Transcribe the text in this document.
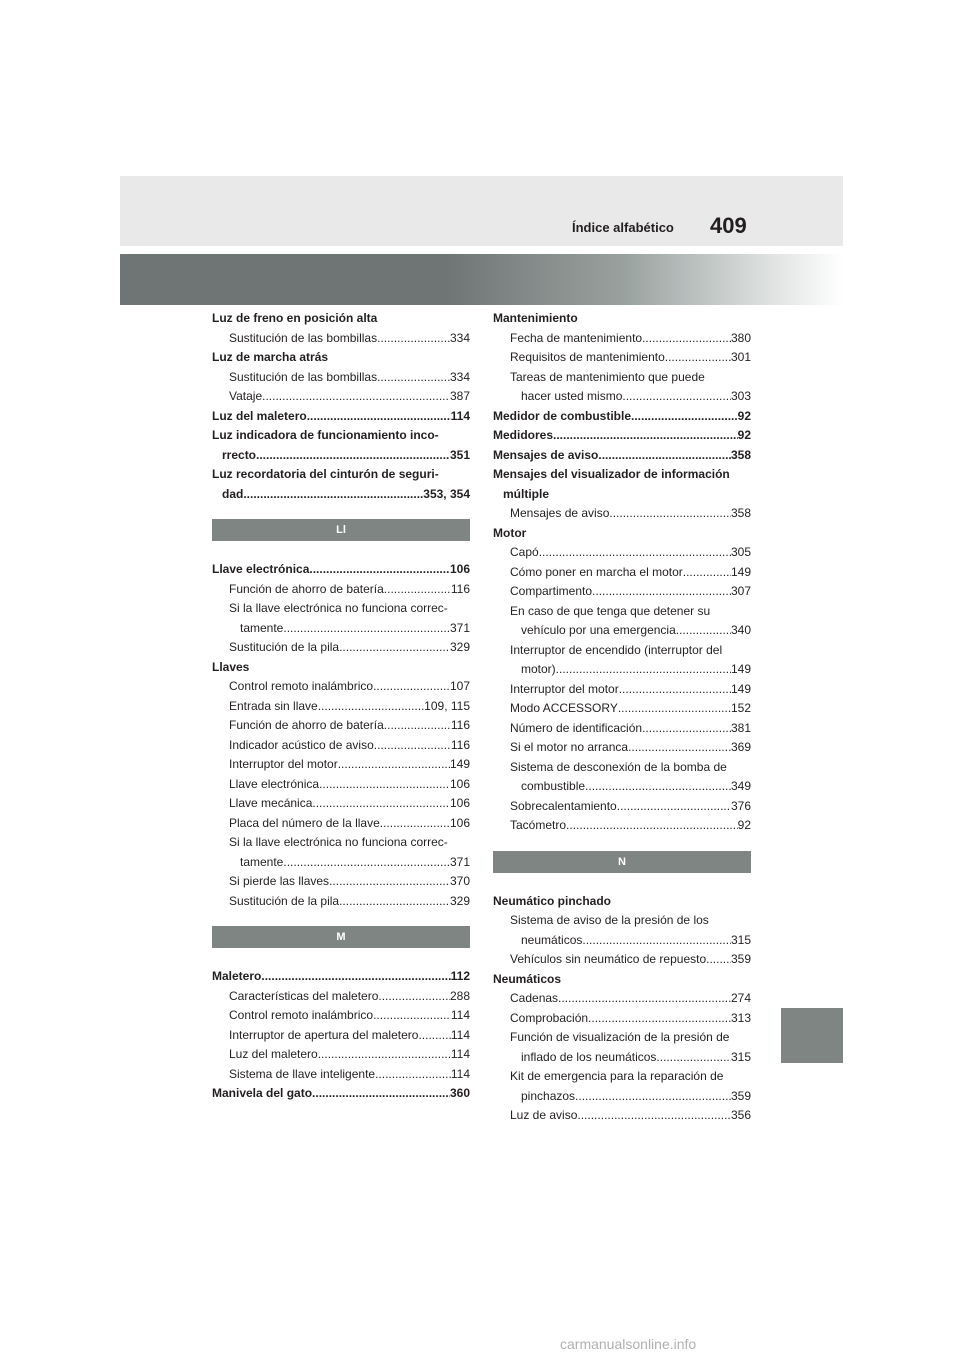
Índice alfabético 409
Luz de freno en posición alta
Sustitución de las bombillas .....	334
Luz de marcha atrás
Sustitución de las bombillas .....	334
Vataje .....	387
Luz del maletero .....	114
Luz indicadora de funcionamiento inco-
rrecto .....	351
Luz recordatoria del cinturón de seguri-
dad .....	353, 354
Ll
Llave electrónica .....	106
Función de ahorro de batería .....	116
Si la llave electrónica no funciona correc-
tamente .....	371
Sustitución de la pila .....	329
Llaves
Control remoto inalámbrico .....	107
Entrada sin llave .....	109, 115
Función de ahorro de batería .....	116
Indicador acústico de aviso .....	116
Interruptor del motor .....	149
Llave electrónica .....	106
Llave mecánica .....	106
Placa del número de la llave .....	106
Si la llave electrónica no funciona correc-
tamente .....	371
Si pierde las llaves .....	370
Sustitución de la pila .....	329
M
Maletero .....	112
Características del maletero .....	288
Control remoto inalámbrico .....	114
Interruptor de apertura del maletero .....	114
Luz del maletero .....	114
Sistema de llave inteligente .....	114
Manivela del gato .....	360
Mantenimiento
Fecha de mantenimiento .....	380
Requisitos de mantenimiento .....	301
Tareas de mantenimiento que puede
hacer usted mismo .....	303
Medidor de combustible .....	92
Medidores .....	92
Mensajes de aviso .....	358
Mensajes del visualizador de información
múltiple
Mensajes de aviso .....	358
Motor
Capó .....	305
Cómo poner en marcha el motor .....	149
Compartimento .....	307
En caso de que tenga que detener su
vehículo por una emergencia .....	340
Interruptor de encendido (interruptor del
motor) .....	149
Interruptor del motor .....	149
Modo ACCESSORY .....	152
Número de identificación .....	381
Si el motor no arranca .....	369
Sistema de desconexión de la bomba de
combustible .....	349
Sobrecalentamiento .....	376
Tacómetro .....	92
N
Neumático pinchado
Sistema de aviso de la presión de los
neumáticos .....	315
Vehículos sin neumático de repuesto ..... 359
Neumáticos
Cadenas .....	274
Comprobación .....	313
Función de visualización de la presión de
inflado de los neumáticos .....	315
Kit de emergencia para la reparación de
pinchazos .....	359
Luz de aviso .....	356
carmanualsonline.info
